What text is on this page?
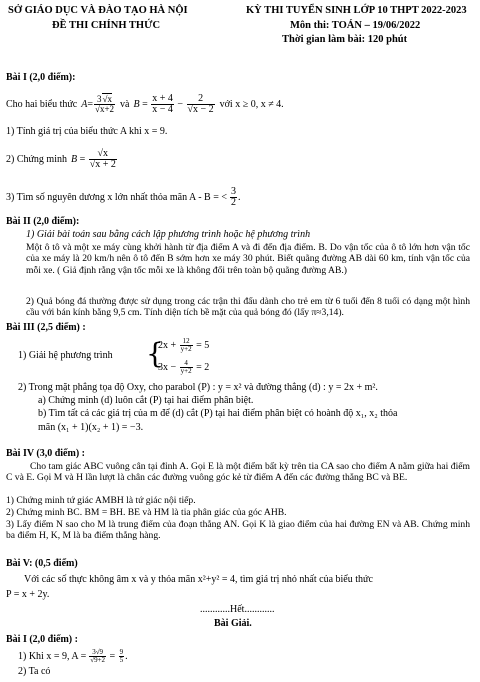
SỞ GIÁO DỤC VÀ ĐÀO TẠO HÀ NỘI
ĐỀ THI CHÍNH THỨC
KỲ THI TUYỂN SINH LỚP 10 THPT 2022-2023
Môn thi: TOÁN – 19/06/2022
Thời gian làm bài: 120 phút
Bài I (2,0 điểm):
Cho hai biểu thức $A = \frac{3√x}{√x+2}$ và $B = \frac{x + 4}{x - 4} - \frac{2}{√x - 2}$ với x ≥ 0, x ≠ 4.
1) Tính giá trị của biểu thức A khi x = 9.
2) Chứng minh $B = \frac{√x}{√x + 2}$
3) Tìm số nguyên dương x lớn nhất thỏa mãn A - B = < $\frac{3}{2}$ .
Bài II (2,0 điểm):
1) Giải bài toán sau bằng cách lập phương trình hoặc hệ phương trình
Một ô tô và một xe máy cùng khởi hành từ địa điểm A và đi đến địa điểm. B. Do vận tốc của ô tô lớn hơn vận tốc của xe máy là 20 km/h nên ô tô đến B sớm hơn xe máy 30 phút. Biết quãng đường AB dài 60 km, tính vận tốc của mỗi xe. ( Giả định rằng vận tốc mỗi xe là không đổi trên toàn bộ quãng đường AB.)
2) Quả bóng đá thường được sử dụng trong các trận thi đấu dành cho trẻ em từ 6 tuổi đến 8 tuổi có dạng một hình cầu với bán kính bằng 9,5 cm. Tính diện tích bề mặt của quả bóng đó (lấy π≈3,14).
Bài III (2,5 điểm) :
1) Giải hệ phương trình {
$2x + \frac{12}{y+2} = 5$
$3x - \frac{4}{y+2} = 2$
2) Trong mặt phẳng tọa độ Oxy, cho parabol (P) : y = x² và đường thẳng (d) : y = 2x + m².
a) Chứng minh (d) luôn cắt (P) tại hai điểm phân biệt.
b) Tìm tất cả các giá trị của m để (d) cắt (P) tại hai điểm phân biệt có hoành độ x₁, x₂ thỏa
mãn (x₁ + 1)(x₂ + 1) = −3.
Bài IV (3,0 điểm) :
Cho tam giác ABC vuông cân tại đỉnh A. Gọi E là một điểm bất kỳ trên tia CA sao cho điểm A nằm giữa hai điểm C và E. Gọi M và H lần lượt là chân các đường vuông góc kẻ từ điểm A đến các đường thẳng BC và BE.
1) Chứng minh tứ giác AMBH là tứ giác nội tiếp.
2) Chứng minh BC. BM = BH. BE và HM là tia phân giác của góc AHB.
3) Lấy điểm N sao cho M là trung điểm của đoạn thẳng AN. Gọi K là giao điểm của hai đường EN và AB. Chứng minh ba điểm H, K, M là ba điểm thẳng hàng.
Bài V: (0,5 điểm)
Với các số thực không âm x và y thỏa mãn x²+y² = 4, tìm giá trị nhỏ nhất của biểu thức
P = x + 2y.
............Hết............
Bài Giải.
Bài I (2,0 điểm) :
1) Khi x = 9, $A = \frac{3√9}{√9+2} = \frac{9}{5}$ .
2) Ta có
